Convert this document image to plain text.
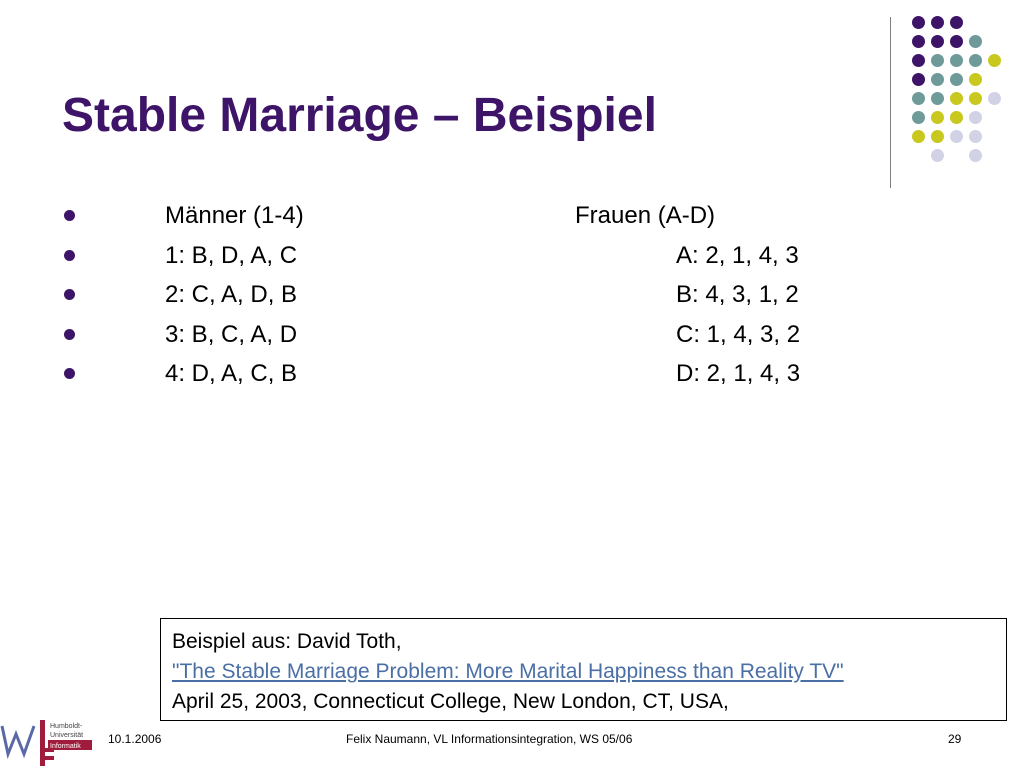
Stable Marriage – Beispiel
Männer (1-4)	Frauen (A-D)
1: B, D, A, C	A: 2, 1, 4, 3
2: C, A, D, B	B: 4, 3, 1, 2
3: B, C, A, D	C: 1, 4, 3, 2
4: D, A, C, B	D: 2, 1, 4, 3
Beispiel aus: David Toth,
"The Stable Marriage Problem: More Marital Happiness than Reality TV"
April 25, 2003, Connecticut College, New London, CT, USA,
Humboldt-
Universität
Informatik
10.1.2006	Felix Naumann, VL Informationsintegration, WS 05/06	29
